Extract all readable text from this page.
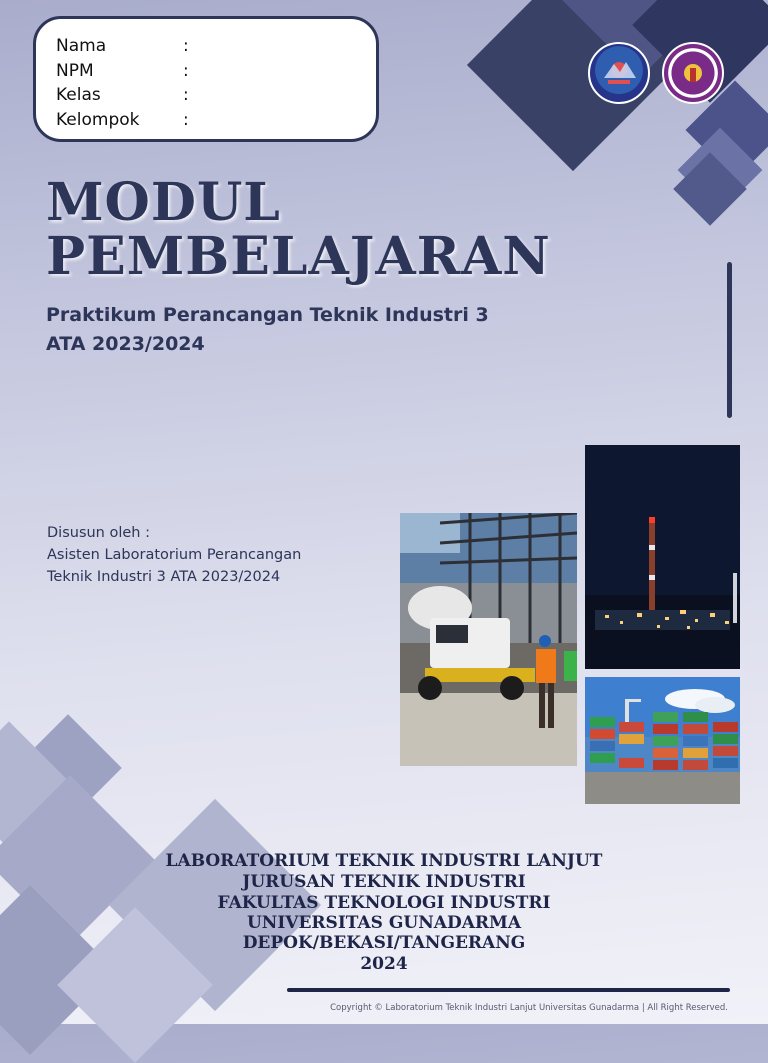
Nama	:
NPM	:
Kelas	:
Kelompok	:
MODUL
PEMBELAJARAN
Praktikum Perancangan Teknik Industri 3
ATA 2023/2024
Disusun oleh :
Asisten Laboratorium Perancangan
Teknik Industri 3 ATA 2023/2024
LABORATORIUM TEKNIK INDUSTRI LANJUT
JURUSAN TEKNIK INDUSTRI
FAKULTAS TEKNOLOGI INDUSTRI
UNIVERSITAS GUNADARMA
DEPOK/BEKASI/TANGERANG
2024
Copyright © Laboratorium Teknik Industri Lanjut Universitas Gunadarma | All Right Reserved.
